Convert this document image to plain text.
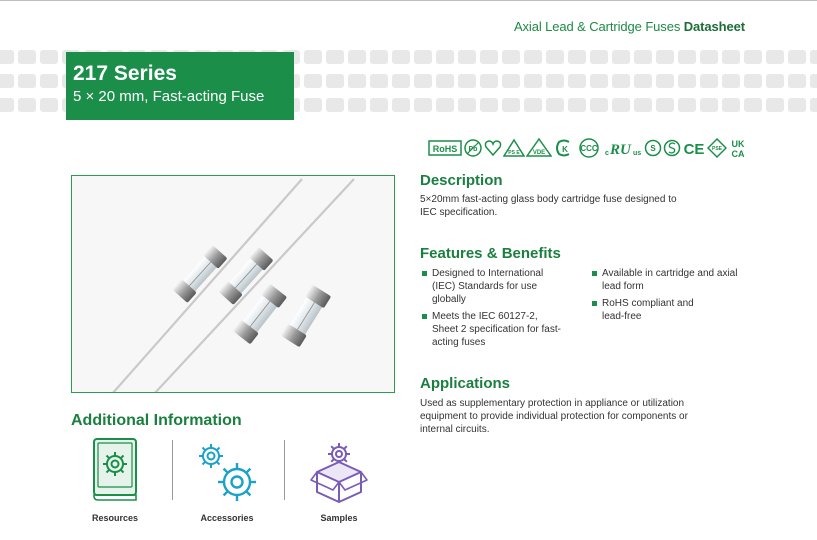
Axial Lead & Cartridge Fuses Datasheet
217 Series
5 × 20 mm, Fast-acting Fuse
RoHS Pb	PS E VDE K CCC
c RU us
S CE PSE UK
CA
Description
5×20mm fast-acting glass body cartridge fuse designed to
IEC specification.
Features & Benefits
Designed to International
(IEC) Standards for use
globally
Meets the IEC 60127-2,
Sheet 2 specification for fast-
acting fuses
Available in cartridge and axial
lead form
RoHS compliant and
lead-free
Applications
Used as supplementary protection in appliance or utilization
equipment to provide individual protection for components or
internal circuits.
Additional Information
Resources	Accessories	Samples
